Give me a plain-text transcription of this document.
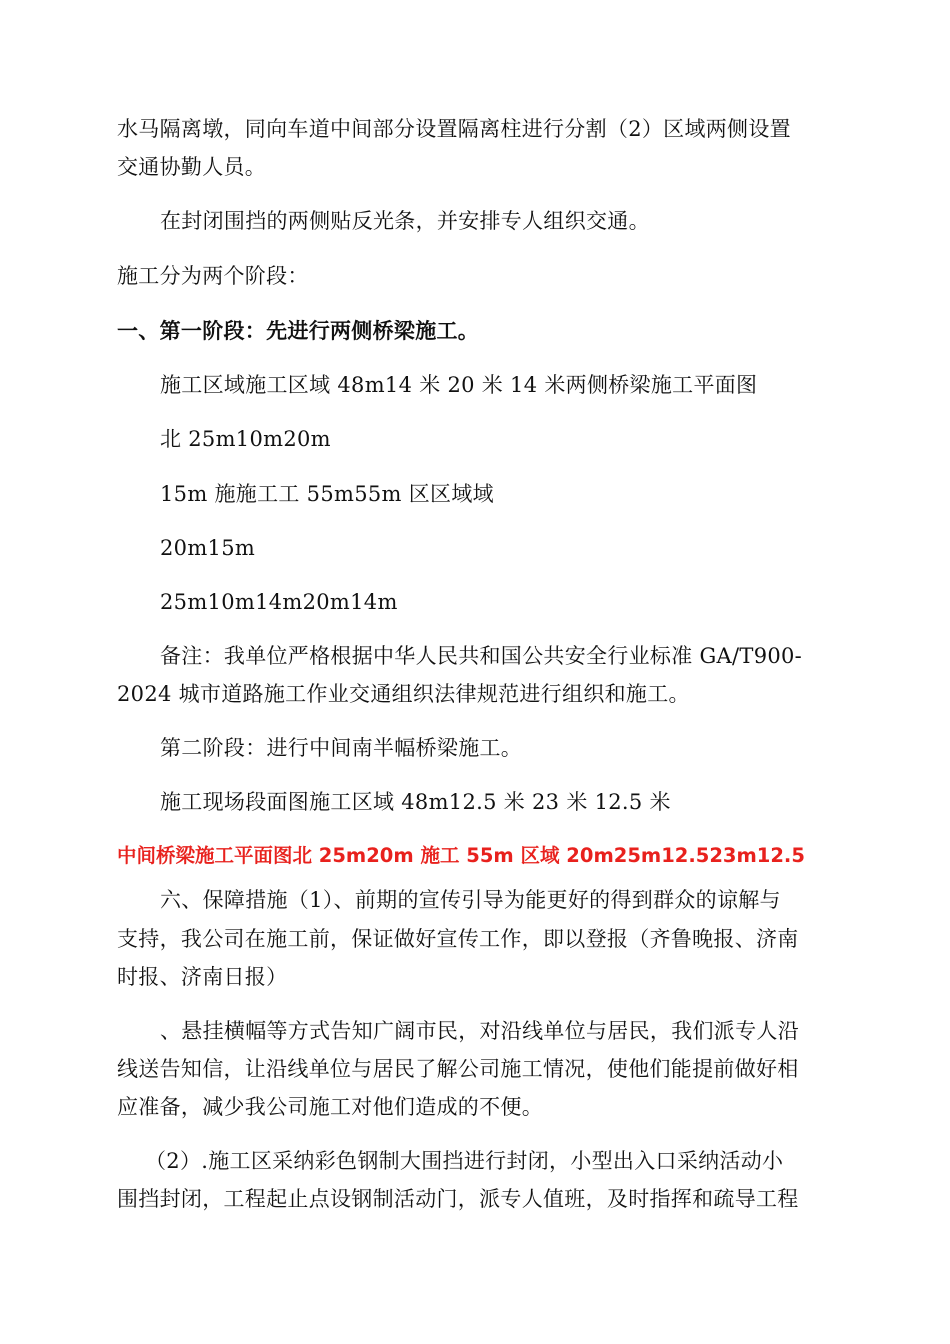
水马隔离墩，同向车道中间部分设置隔离柱进行分割（2）区域两侧设置
交通协勤人员。
在封闭围挡的两侧贴反光条，并安排专人组织交通。
施工分为两个阶段：
一、第一阶段：先进行两侧桥梁施工。
施工区域施工区域 48m14 米 20 米 14 米两侧桥梁施工平面图
北 25m10m20m
15m 施施工工 55m55m 区区域域
20m15m
25m10m14m20m14m
备注：我单位严格根据中华人民共和国公共安全行业标准 GA/T900-
2024 城市道路施工作业交通组织法律规范进行组织和施工。
第二阶段：进行中间南半幅桥梁施工。
施工现场段面图施工区域 48m12.5 米 23 米 12.5 米
中间桥梁施工平面图北 25m20m 施工 55m 区域 20m25m12.523m12.5
六、保障措施（1）、前期的宣传引导为能更好的得到群众的谅解与
支持，我公司在施工前，保证做好宣传工作，即以登报（齐鲁晚报、济南
时报、济南日报）
、悬挂横幅等方式告知广阔市民，对沿线单位与居民，我们派专人沿
线送告知信，让沿线单位与居民了解公司施工情况，使他们能提前做好相
应准备，减少我公司施工对他们造成的不便。
（2）.施工区采纳彩色钢制大围挡进行封闭，小型出入口采纳活动小
围挡封闭，工程起止点设钢制活动门，派专人值班，及时指挥和疏导工程
